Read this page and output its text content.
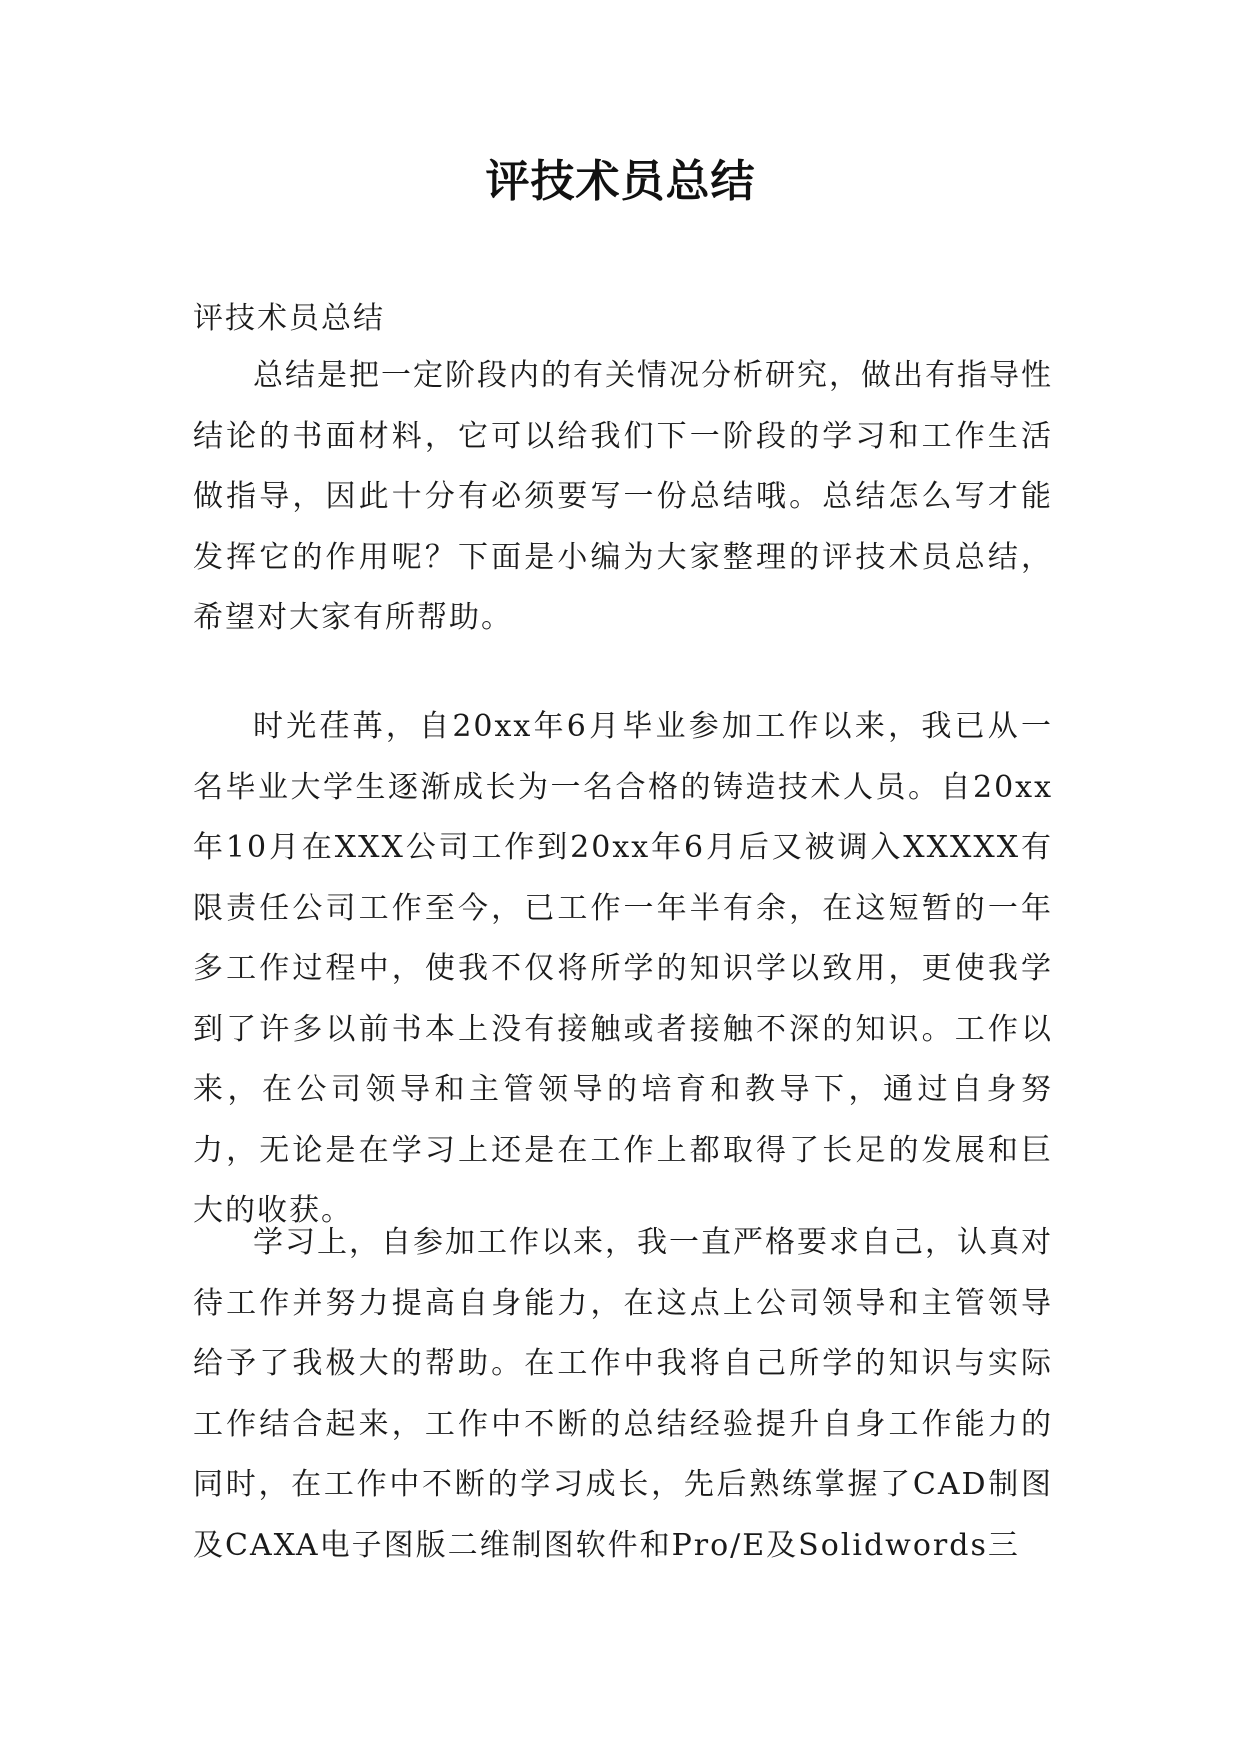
评技术员总结
评技术员总结

总结是把一定阶段内的有关情况分析研究，做出有指导性结论的书面材料，它可以给我们下一阶段的学习和工作生活做指导，因此十分有必须要写一份总结哦。总结怎么写才能发挥它的作用呢？下面是小编为大家整理的评技术员总结，希望对大家有所帮助。

时光荏苒，自20xx年6月毕业参加工作以来，我已从一名毕业大学生逐渐成长为一名合格的铸造技术人员。自20xx年10月在XXX公司工作到20xx年6月后又被调入XXXXX有限责任公司工作至今，已工作一年半有余，在这短暂的一年多工作过程中，使我不仅将所学的知识学以致用，更使我学到了许多以前书本上没有接触或者接触不深的知识。工作以来，在公司领导和主管领导的培育和教导下，通过自身努力，无论是在学习上还是在工作上都取得了长足的发展和巨大的收获。

学习上，自参加工作以来，我一直严格要求自己，认真对待工作并努力提高自身能力，在这点上公司领导和主管领导给予了我极大的帮助。在工作中我将自己所学的知识与实际工作结合起来，工作中不断的总结经验提升自身工作能力的同时，在工作中不断的学习成长，先后熟练掌握了CAD制图及CAXA电子图版二维制图软件和Pro/E及Solidwords三
